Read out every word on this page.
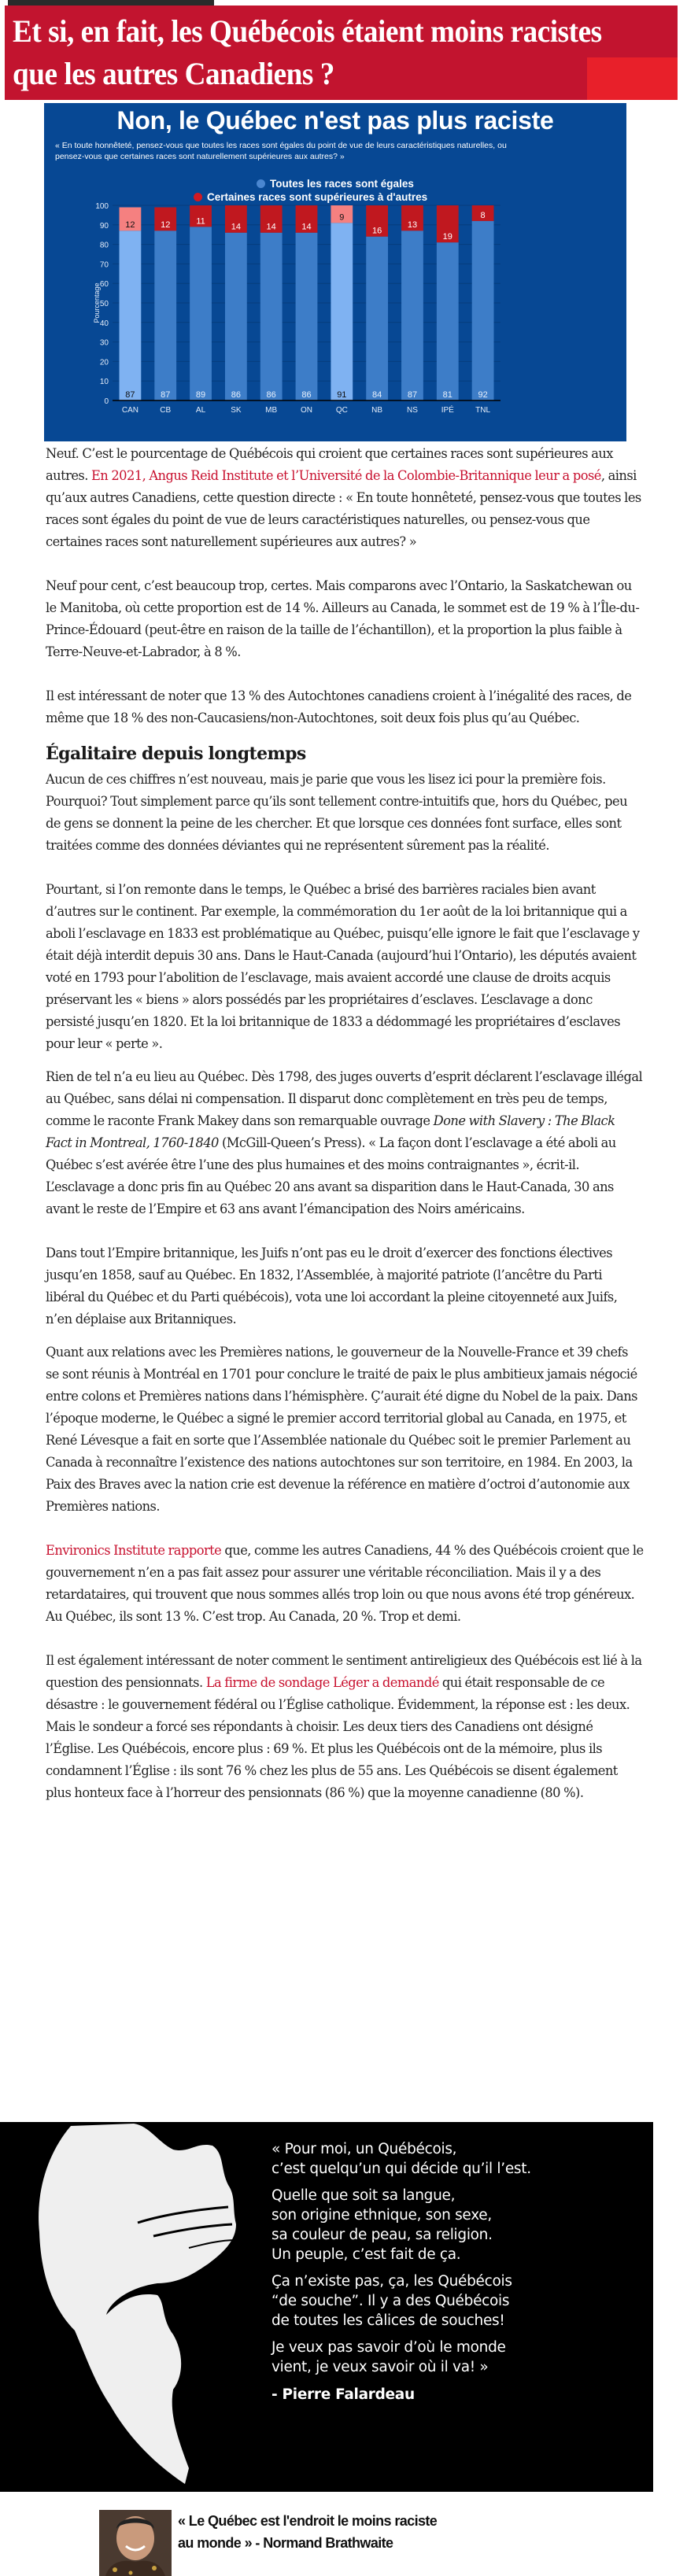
Et si, en fait, les Québécois étaient moins racistes que les autres Canadiens ?
Non, le Québec n'est pas plus raciste
« En toute honnêteté, pensez-vous que toutes les races sont égales du point de vue de leurs caractéristiques naturelles, ou pensez-vous que certaines races sont naturellement supérieures aux autres? »
Toutes les races sont égales
Certaines races sont supérieures à d'autres
0
10
20
30
40
50
60
70
80
90
100
Pourcentage
87
12
CAN
87
12
CB
89
11
AL
86
14
SK
86
14
MB
86
14
ON
91
9
QC
84
16
NB
87
13
NS
81
19
IPÉ
92
8
TNL

Neuf. C’est le pourcentage de Québécois qui croient que certaines races sont supérieures aux autres. En 2021, Angus Reid Institute et l’Université de la Colombie-Britannique leur a posé, ainsi qu’aux autres Canadiens, cette question directe : « En toute honnêteté, pensez-vous que toutes les races sont égales du point de vue de leurs caractéristiques naturelles, ou pensez-vous que certaines races sont naturellement supérieures aux autres? »

Neuf pour cent, c’est beaucoup trop, certes. Mais comparons avec l’Ontario, la Saskatchewan ou le Manitoba, où cette proportion est de 14 %. Ailleurs au Canada, le sommet est de 19 % à l’Île-du-Prince-Édouard (peut-être en raison de la taille de l’échantillon), et la proportion la plus faible à Terre-Neuve-et-Labrador, à 8 %.

Il est intéressant de noter que 13 % des Autochtones canadiens croient à l’inégalité des races, de même que 18 % des non-Caucasiens/non-Autochtones, soit deux fois plus qu’au Québec.

Égalitaire depuis longtemps

Aucun de ces chiffres n’est nouveau, mais je parie que vous les lisez ici pour la première fois. Pourquoi? Tout simplement parce qu’ils sont tellement contre-intuitifs que, hors du Québec, peu de gens se donnent la peine de les chercher. Et que lorsque ces données font surface, elles sont traitées comme des données déviantes qui ne représentent sûrement pas la réalité.

Pourtant, si l’on remonte dans le temps, le Québec a brisé des barrières raciales bien avant d’autres sur le continent. Par exemple, la commémoration du 1er août de la loi britannique qui a aboli l’esclavage en 1833 est problématique au Québec, puisqu’elle ignore le fait que l’esclavage y était déjà interdit depuis 30 ans. Dans le Haut-Canada (aujourd’hui l’Ontario), les députés avaient voté en 1793 pour l’abolition de l’esclavage, mais avaient accordé une clause de droits acquis préservant les « biens » alors possédés par les propriétaires d’esclaves. L’esclavage a donc persisté jusqu’en 1820. Et la loi britannique de 1833 a dédommagé les propriétaires d’esclaves pour leur « perte ».

Rien de tel n’a eu lieu au Québec. Dès 1798, des juges ouverts d’esprit déclarent l’esclavage illégal au Québec, sans délai ni compensation. Il disparut donc complètement en très peu de temps, comme le raconte Frank Makey dans son remarquable ouvrage Done with Slavery : The Black Fact in Montreal, 1760-1840 (McGill-Queen’s Press). « La façon dont l’esclavage a été aboli au Québec s’est avérée être l’une des plus humaines et des moins contraignantes », écrit-il. L’esclavage a donc pris fin au Québec 20 ans avant sa disparition dans le Haut-Canada, 30 ans avant le reste de l’Empire et 63 ans avant l’émancipation des Noirs américains.

Dans tout l’Empire britannique, les Juifs n’ont pas eu le droit d’exercer des fonctions électives jusqu’en 1858, sauf au Québec. En 1832, l’Assemblée, à majorité patriote (l’ancêtre du Parti libéral du Québec et du Parti québécois), vota une loi accordant la pleine citoyenneté aux Juifs, n’en déplaise aux Britanniques.

Quant aux relations avec les Premières nations, le gouverneur de la Nouvelle-France et 39 chefs se sont réunis à Montréal en 1701 pour conclure le traité de paix le plus ambitieux jamais négocié entre colons et Premières nations dans l’hémisphère. Ç’aurait été digne du Nobel de la paix. Dans l’époque moderne, le Québec a signé le premier accord territorial global au Canada, en 1975, et René Lévesque a fait en sorte que l’Assemblée nationale du Québec soit le premier Parlement au Canada à reconnaître l’existence des nations autochtones sur son territoire, en 1984. En 2003, la Paix des Braves avec la nation crie est devenue la référence en matière d’octroi d’autonomie aux Premières nations.

Environics Institute rapporte que, comme les autres Canadiens, 44 % des Québécois croient que le gouvernement n’en a pas fait assez pour assurer une véritable réconciliation. Mais il y a des retardataires, qui trouvent que nous sommes allés trop loin ou que nous avons été trop généreux. Au Québec, ils sont 13 %. C’est trop. Au Canada, 20 %. Trop et demi.

Il est également intéressant de noter comment le sentiment antireligieux des Québécois est lié à la question des pensionnats. La firme de sondage Léger a demandé qui était responsable de ce désastre : le gouvernement fédéral ou l’Église catholique. Évidemment, la réponse est : les deux. Mais le sondeur a forcé ses répondants à choisir. Les deux tiers des Canadiens ont désigné l’Église. Les Québécois, encore plus : 69 %. Et plus les Québécois ont de la mémoire, plus ils condamnent l’Église : ils sont 76 % chez les plus de 55 ans. Les Québécois se disent également plus honteux face à l’horreur des pensionnats (86 %) que la moyenne canadienne (80 %).

« Pour moi, un Québécois,
c’est quelqu’un qui décide qu’il l’est.

Quelle que soit sa langue,
son origine ethnique, son sexe,
sa couleur de peau, sa religion.
Un peuple, c’est fait de ça.

Ça n’existe pas, ça, les Québécois
“de souche”. Il y a des Québécois
de toutes les câlices de souches!

Je veux pas savoir d’où le monde
vient, je veux savoir où il va! »

- Pierre Falardeau

« Le Québec est l'endroit le moins raciste au monde » - Normand Brathwaite
